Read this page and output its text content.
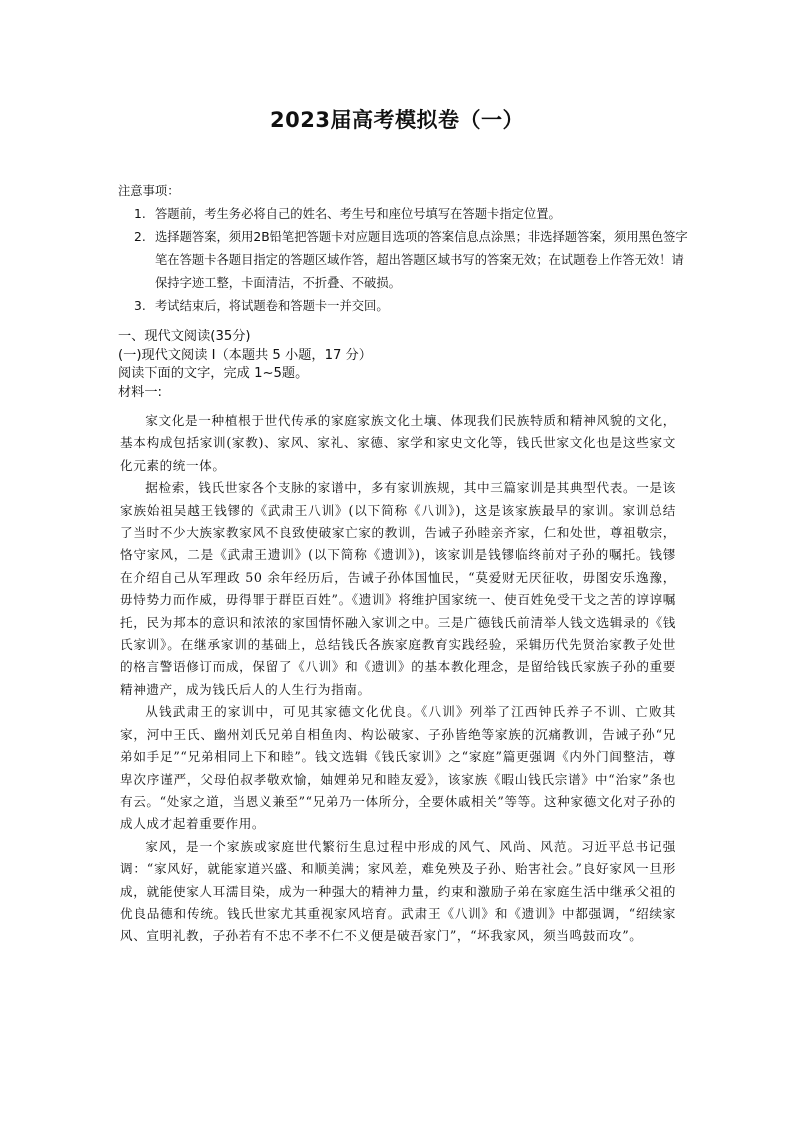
2023届高考模拟卷（一）
注意事项：
1. 答题前，考生务必将自己的姓名、考生号和座位号填写在答题卡指定位置。
2. 选择题答案，须用2B铅笔把答题卡对应题目选项的答案信息点涂黑；非选择题答案，须用黑色签字笔在答题卡各题目指定的答题区域作答，超出答题区域书写的答案无效；在试题卷上作答无效！请保持字迹工整，卡面清洁，不折叠、不破损。
3. 考试结束后，将试题卷和答题卡一并交回。
一、现代文阅读(35分)
(一)现代文阅读 I（本题共 5 小题，17 分）
阅读下面的文字，完成 1~5题。
材料一:

家文化是一种植根于世代传承的家庭家族文化土壤、体现我们民族特质和精神风貌的文化，基本构成包括家训(家教)、家风、家礼、家德、家学和家史文化等，钱氏世家文化也是这些家文化元素的统一体。

据检索，钱氏世家各个支脉的家谱中，多有家训族规，其中三篇家训是其典型代表。一是该家族始祖吴越王钱镠的《武肃王八训》(以下简称《八训》)，这是该家族最早的家训。家训总结了当时不少大族家教家风不良致使破家亡家的教训，告诫子孙睦亲齐家，仁和处世，尊祖敬宗，恪守家风，二是《武肃王遗训》(以下简称《遗训》)，该家训是钱镠临终前对子孙的嘱托。钱镠在介绍自己从军理政 50 余年经历后，告诫子孙体国恤民，“莫爱财无厌征收，毋图安乐逸豫，毋恃势力而作威，毋得罪于群臣百姓”。《遗训》将维护国家统一、使百姓免受干戈之苦的谆谆嘱托，民为邦本的意识和浓浓的家国情怀融入家训之中。三是广德钱氏前清举人钱文选辑录的《钱氏家训》。在继承家训的基础上，总结钱氏各族家庭教育实践经验，采辑历代先贤治家教子处世的格言警语修订而成，保留了《八训》和《遗训》的基本教化理念，是留给钱氏家族子孙的重要精神遗产，成为钱氏后人的人生行为指南。

从钱武肃王的家训中，可见其家德文化优良。《八训》列举了江西钟氏养子不训、亡败其家，河中王氏、幽州刘氏兄弟自相鱼肉、构讼破家、子孙皆绝等家族的沉痛教训，告诫子孙“兄弟如手足”“兄弟相同上下和睦”。钱文选辑《钱氏家训》之“家庭”篇更强调《内外门闾整洁，尊卑次序谨严，父母伯叔孝敬欢愉，妯娌弟兄和睦友爱》，该家族《暇山钱氏宗谱》中“治家”条也有云。“处家之道，当恩义兼至”“兄弟乃一体所分，全要休戚相关”等等。这种家德文化对子孙的成人成才起着重要作用。

家风，是一个家族或家庭世代繁衍生息过程中形成的风气、风尚、风范。习近平总书记强调：“家风好，就能家道兴盛、和顺美满；家风差，难免殃及子孙、贻害社会。”良好家风一旦形成，就能使家人耳濡目染，成为一种强大的精神力量，约束和激励子弟在家庭生活中继承父祖的优良品德和传统。钱氏世家尤其重视家风培育。武肃王《八训》和《遗训》中都强调，“绍续家风、宣明礼教，子孙若有不忠不孝不仁不义便是破吾家门”，“坏我家风，须当鸣鼓而攻”。
